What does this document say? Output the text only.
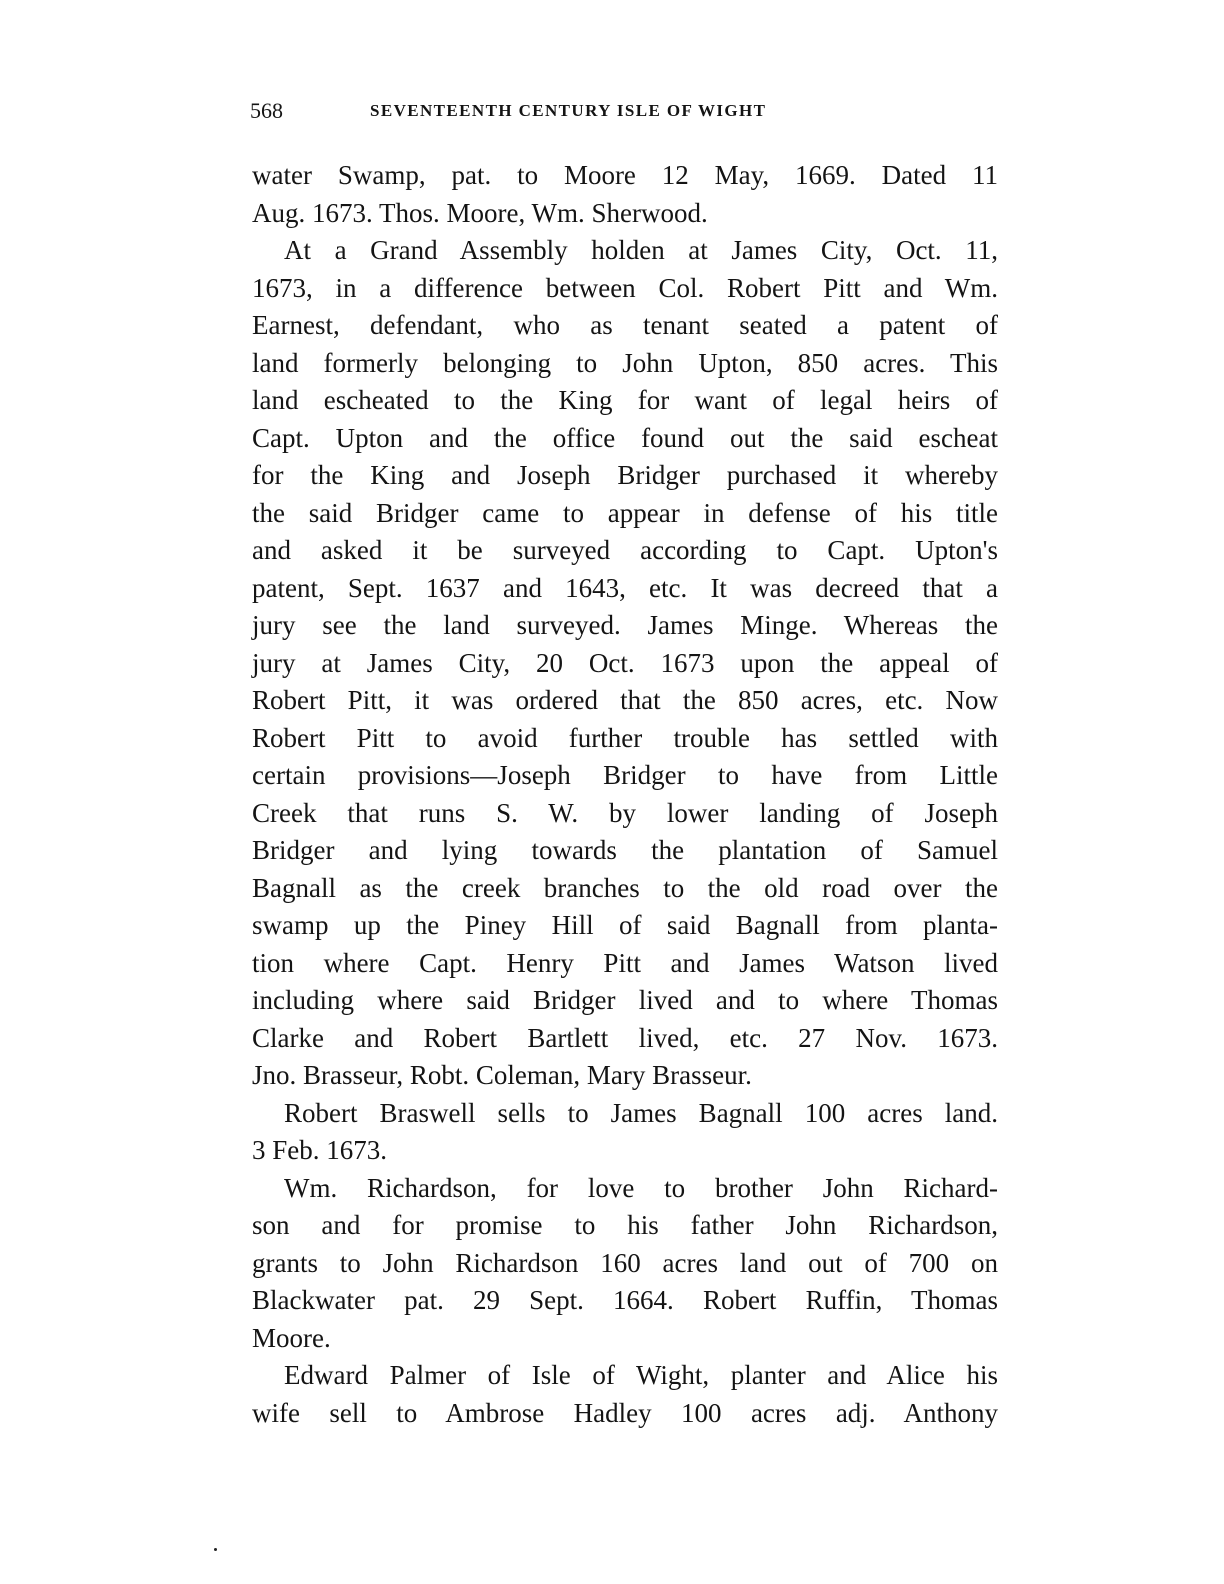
568	SEVENTEENTH CENTURY ISLE OF WIGHT
water Swamp, pat. to Moore 12 May, 1669. Dated 11
Aug. 1673. Thos. Moore, Wm. Sherwood.
At a Grand Assembly holden at James City, Oct. 11,
1673, in a difference between Col. Robert Pitt and Wm.
Earnest, defendant, who as tenant seated a patent of
land formerly belonging to John Upton, 850 acres. This
land escheated to the King for want of legal heirs of
Capt. Upton and the office found out the said escheat
for the King and Joseph Bridger purchased it whereby
the said Bridger came to appear in defense of his title
and asked it be surveyed according to Capt. Upton's
patent, Sept. 1637 and 1643, etc. It was decreed that a
jury see the land surveyed. James Minge. Whereas the
jury at James City, 20 Oct. 1673 upon the appeal of
Robert Pitt, it was ordered that the 850 acres, etc. Now
Robert Pitt to avoid further trouble has settled with
certain provisions—Joseph Bridger to have from Little
Creek that runs S. W. by lower landing of Joseph
Bridger and lying towards the plantation of Samuel
Bagnall as the creek branches to the old road over the
swamp up the Piney Hill of said Bagnall from planta-
tion where Capt. Henry Pitt and James Watson lived
including where said Bridger lived and to where Thomas
Clarke and Robert Bartlett lived, etc. 27 Nov. 1673.
Jno. Brasseur, Robt. Coleman, Mary Brasseur.
Robert Braswell sells to James Bagnall 100 acres land.
3 Feb. 1673.
Wm. Richardson, for love to brother John Richard-
son and for promise to his father John Richardson,
grants to John Richardson 160 acres land out of 700 on
Blackwater pat. 29 Sept. 1664. Robert Ruffin, Thomas
Moore.
Edward Palmer of Isle of Wight, planter and Alice his
wife sell to Ambrose Hadley 100 acres adj. Anthony
